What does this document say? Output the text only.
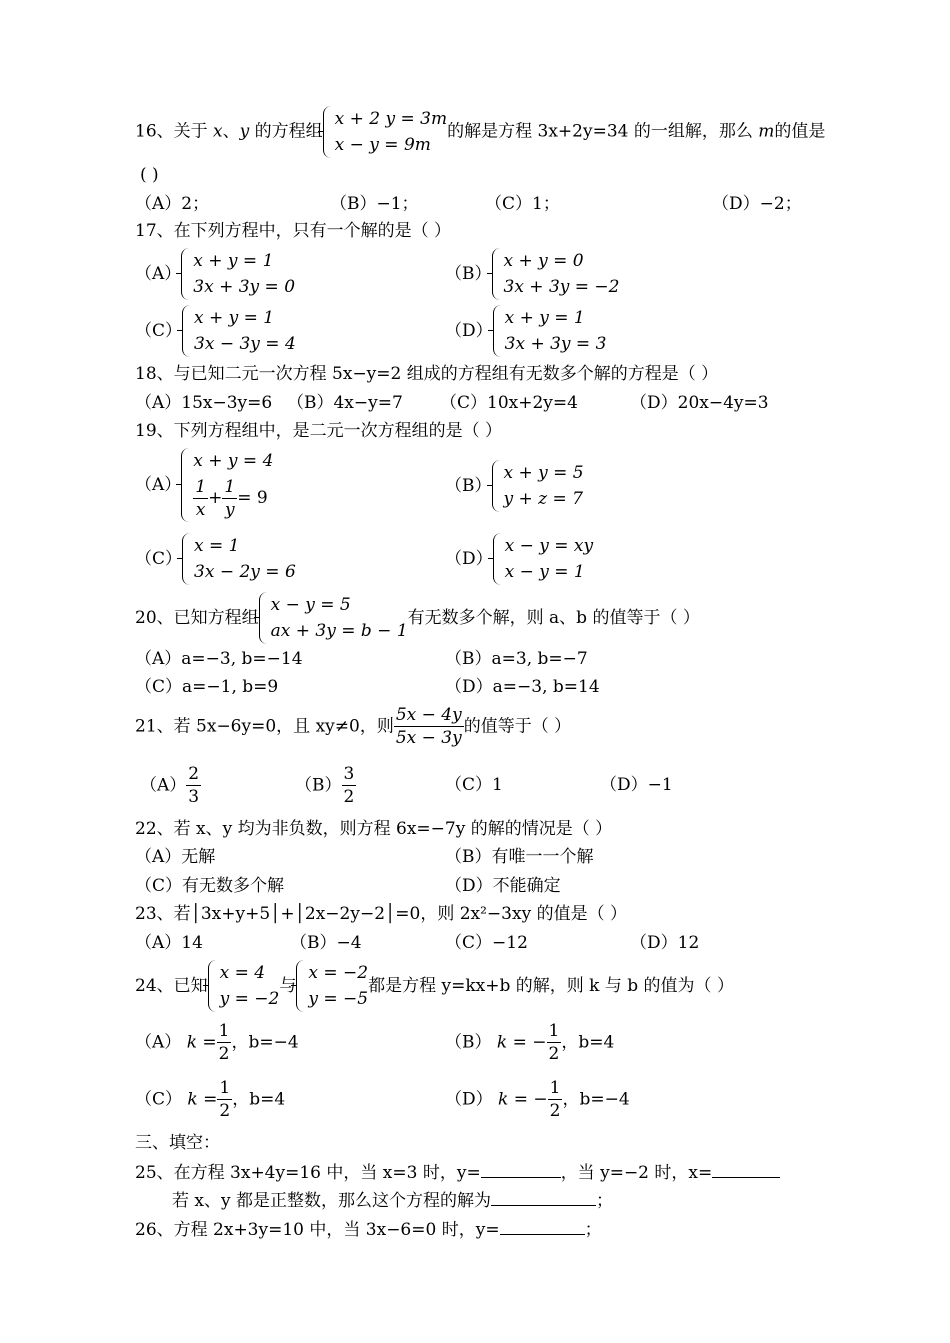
16、关于 x、y 的方程组
x + 2 y = 3m
x − y = 9m
的解是方程 3x+2y=34 的一组解，那么 m的值是
( )
（A）2；	（B）−1；	（C）1；	（D）−2；
17、在下列方程中，只有一个解的是（ ）
（A）
x + y = 1
3x + 3y = 0
（B）
x + y = 0
3x + 3y = −2
（C）
x + y = 1
3x − 3y = 4
（D）
x + y = 1
3x + 3y = 3
18、与已知二元一次方程 5x−y=2 组成的方程组有无数多个解的方程是（ ）
（A）15x−3y=6 （B）4x−y=7 （C）10x+2y=4	（D）20x−4y=3
19、下列方程组中，是二元一次方程组的是（ ）
（A）
x + y = 4
$\frac{1}{x} + \frac{1}{y} = 9$
（B）
x + y = 5
y + z = 7
（C）
x = 1
3x − 2y = 6
（D）
x − y = xy
x − y = 1
20、已知方程组
x − y = 5
ax + 3y = b − 1
有无数多个解，则 a、b 的值等于（ ）
（A）a=−3, b=−14	（B）a=3, b=−7
（C）a=−1, b=9	（D）a=−3, b=14
21、若 5x−6y=0，且 xy≠0，则 $\frac{5x - 4y}{5x - 3y}$ 的值等于（ ）
$(A) \frac{2}{3}$	$(B) \frac{3}{2}$	（C）1	（D）−1
22、若 x、y 均为非负数，则方程 6x=−7y 的解的情况是（ ）
（A）无解	（B）有唯一一个解
（C）有无数多个解	（D）不能确定
23、若│3x+y+5│+│2x−2y−2│=0，则 2x²−3xy 的值是（ ）
（A）14	（B）−4	（C）−12	（D）12
24、已知
x = 4
y = −2
与
x = −2
y = −5
都是方程 y=kx+b 的解，则 k 与 b 的值为（ ）
（A） $k = \frac{1}{2}$ ，b=−4	（B） k = − $\frac{1}{2}$ ，b=4
（C） $k = \frac{1}{2}$ ，b=4	（D） k = − $\frac{1}{2}$ ，b=−4
三、填空：
25、在方程 3x+4y=16 中，当 x=3 时，y=	，当 y=−2 时，x=
若 x、y 都是正整数，那么这个方程的解为	；
26、方程 2x+3y=10 中，当 3x−6=0 时，y=	；
